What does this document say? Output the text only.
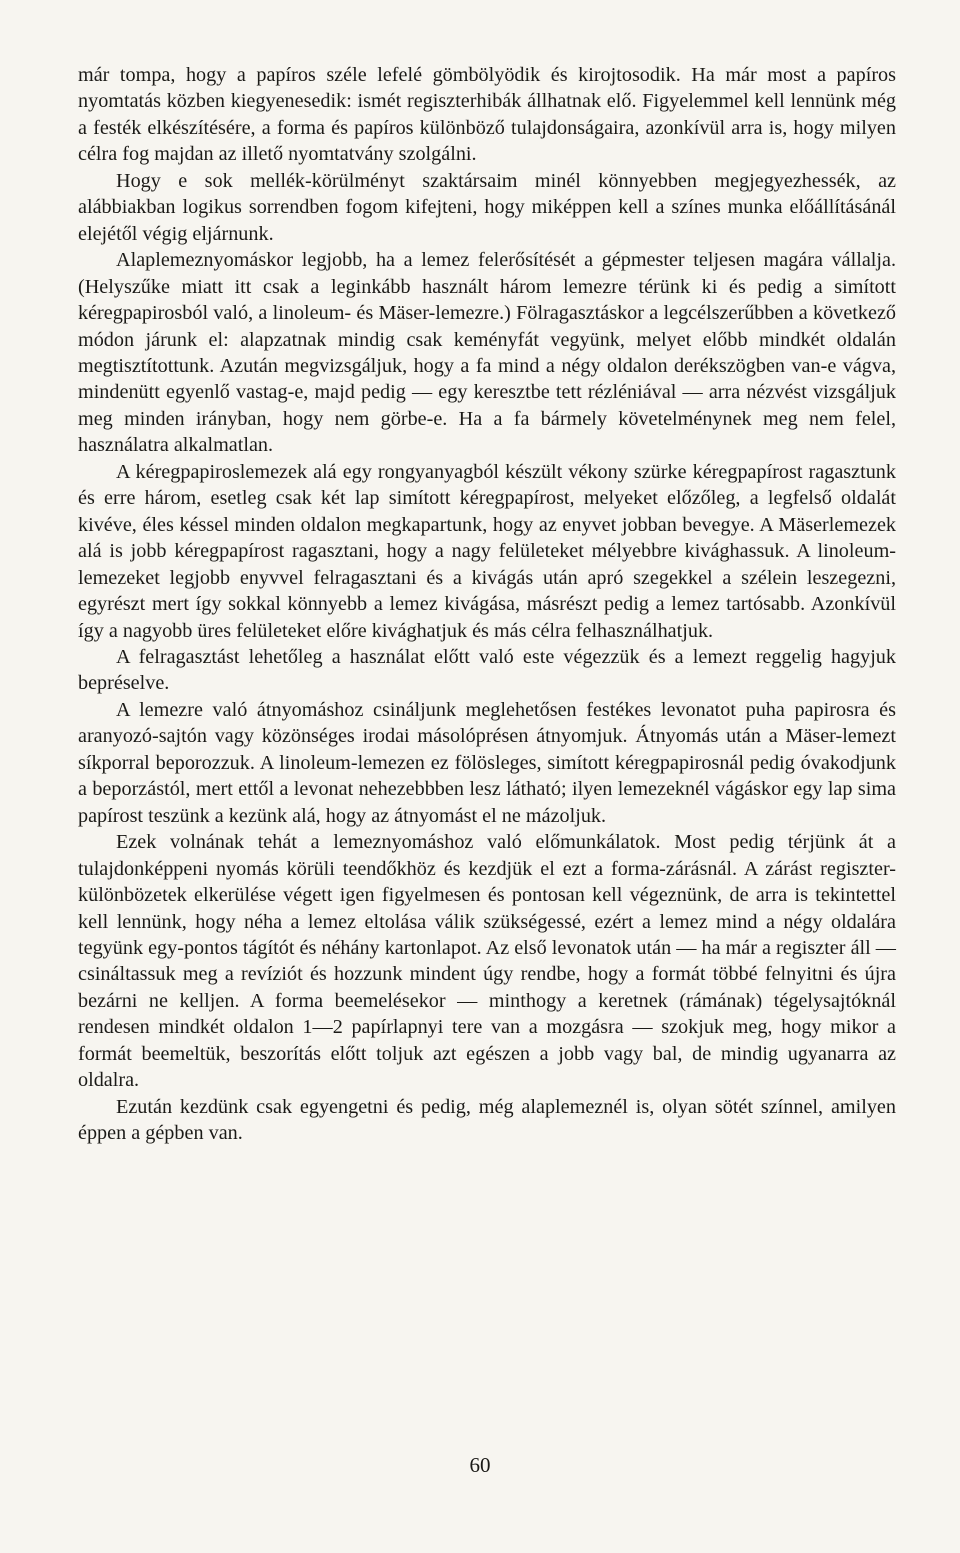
már tompa, hogy a papíros széle lefelé gömbölyödik és kirojtosodik. Ha már most a papíros nyomtatás közben kiegyenesedik: ismét regiszterhibák állhatnak elő. Figyelemmel kell lennünk még a festék elkészítésére, a forma és papíros különböző tulajdonságaira, azonkívül arra is, hogy milyen célra fog majdan az illető nyomtatvány szolgálni.

Hogy e sok mellék-körülményt szaktársaim minél könnyebben megjegyezhessék, az alábbiakban logikus sorrendben fogom kifejteni, hogy miképpen kell a színes munka előállításánál elejétől végig eljárnunk.

Alaplemeznyomáskor legjobb, ha a lemez felerősítését a gépmester teljesen magára vállalja. (Helyszűke miatt itt csak a leginkább használt három lemezre térünk ki és pedig a simított kéregpapirosból való, a linoleum- és Mäser-lemezre.) Fölragasztáskor a legcélszerűbben a következő módon járunk el: alapzatnak mindig csak keményfát vegyünk, melyet előbb mindkét oldalán megtisztítottunk. Azután megvizsgáljuk, hogy a fa mind a négy oldalon derékszögben van-e vágva, mindenütt egyenlő vastag-e, majd pedig — egy keresztbe tett rézléniával — arra nézvést vizsgáljuk meg minden irányban, hogy nem görbe-e. Ha a fa bármely követelménynek meg nem felel, használatra alkalmatlan.

A kéregpapiroslemezek alá egy rongyanyagból készült vékony szürke kéregpapírost ragasztunk és erre három, esetleg csak két lap simított kéregpapírost, melyeket előzőleg, a legfelső oldalát kivéve, éles késsel minden oldalon megkapartunk, hogy az enyvet jobban bevegye. A Mäserlemezek alá is jobb kéregpapírost ragasztani, hogy a nagy felületeket mélyebbre kivághassuk. A linoleum-lemezeket legjobb enyvvel felragasztani és a kivágás után apró szegekkel a szélein leszegezni, egyrészt mert így sokkal könnyebb a lemez kivágása, másrészt pedig a lemez tartósabb. Azonkívül így a nagyobb üres felületeket előre kivághatjuk és más célra felhasználhatjuk.

A felragasztást lehetőleg a használat előtt való este végezzük és a lemezt reggelig hagyjuk bepréselve.

A lemezre való átnyomáshoz csináljunk meglehetősen festékes levonatot puha papirosra és aranyozó-sajtón vagy közönséges irodai másolóprésen átnyomjuk. Átnyomás után a Mäser-lemezt síkporral beporozzuk. A linoleum-lemezen ez fölösleges, simított kéregpapirosnál pedig óvakodjunk a beporzástól, mert ettől a levonat nehezebbben lesz látható; ilyen lemezeknél vágáskor egy lap sima papírost teszünk a kezünk alá, hogy az átnyomást el ne mázoljuk.

Ezek volnának tehát a lemeznyomáshoz való előmunkálatok. Most pedig térjünk át a tulajdonképpeni nyomás körüli teendőkhöz és kezdjük el ezt a forma-zárásnál. A zárást regiszter-különbözetek elkerülése végett igen figyelmesen és pontosan kell végeznünk, de arra is tekintettel kell lennünk, hogy néha a lemez eltolása válik szükségessé, ezért a lemez mind a négy oldalára tegyünk egy-pontos tágítót és néhány kartonlapot. Az első levonatok után — ha már a regiszter áll — csináltassuk meg a revíziót és hozzunk mindent úgy rendbe, hogy a formát többé felnyitni és újra bezárni ne kelljen. A forma beemelésekor — minthogy a keretnek (rámának) tégelysajtóknál rendesen mindkét oldalon 1—2 papírlapnyi tere van a mozgásra — szokjuk meg, hogy mikor a formát beemeltük, beszorítás előtt toljuk azt egészen a jobb vagy bal, de mindig ugyanarra az oldalra.

Ezután kezdünk csak egyengetni és pedig, még alaplemeznél is, olyan sötét színnel, amilyen éppen a gépben van.

60
